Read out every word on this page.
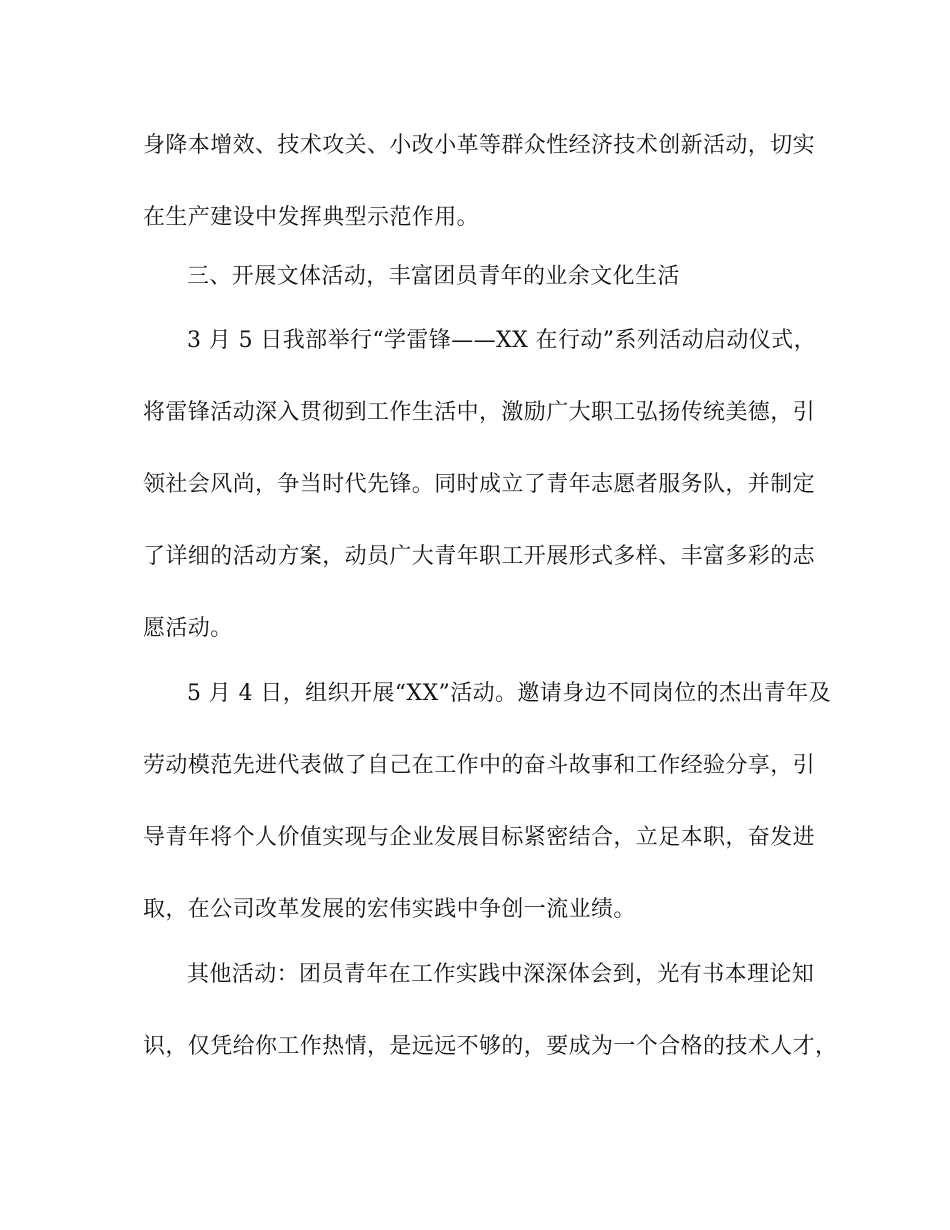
身降本增效、技术攻关、小改小革等群众性经济技术创新活动，切实
在生产建设中发挥典型示范作用。
三、开展文体活动，丰富团员青年的业余文化生活
3 月 5 日我部举行“学雷锋——XX 在行动”系列活动启动仪式，
将雷锋活动深入贯彻到工作生活中，激励广大职工弘扬传统美德，引
领社会风尚，争当时代先锋。同时成立了青年志愿者服务队，并制定
了详细的活动方案，动员广大青年职工开展形式多样、丰富多彩的志
愿活动。
5 月 4 日，组织开展“XX”活动。邀请身边不同岗位的杰出青年及
劳动模范先进代表做了自己在工作中的奋斗故事和工作经验分享，引
导青年将个人价值实现与企业发展目标紧密结合，立足本职，奋发进
取，在公司改革发展的宏伟实践中争创一流业绩。
其他活动：团员青年在工作实践中深深体会到，光有书本理论知
识，仅凭给你工作热情，是远远不够的，要成为一个合格的技术人才，
